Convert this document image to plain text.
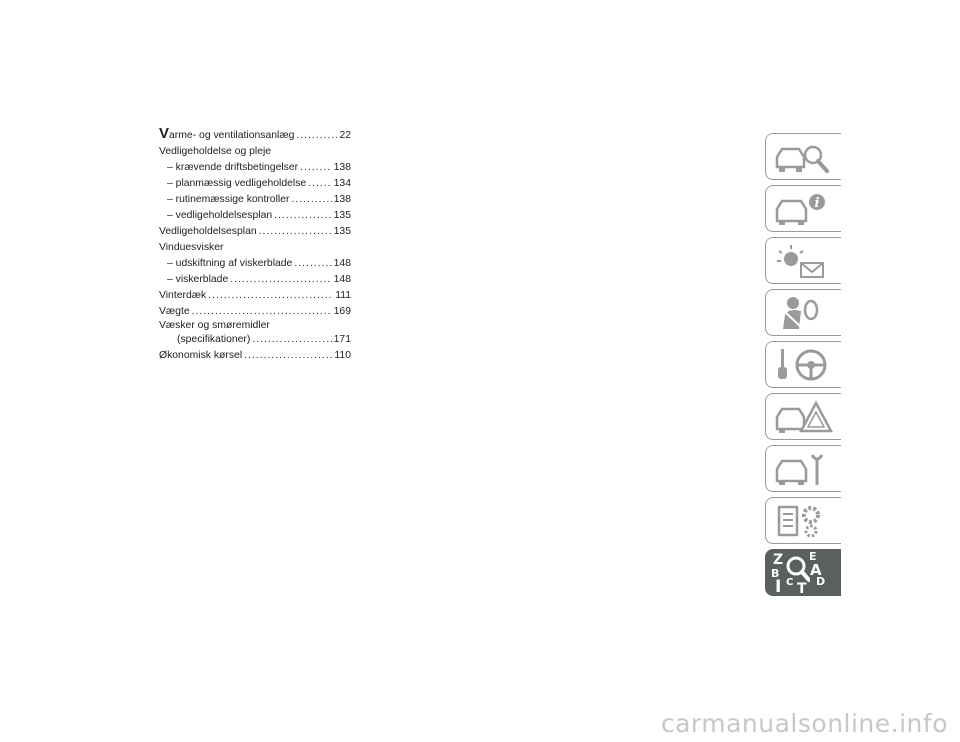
Varme- og ventilationsanlæg .....	22
Vedligeholdelse og pleje
– krævende driftsbetingelser .....	138
– planmæssig vedligeholdelse .....	134
– rutinemæssige kontroller .....	138
– vedligeholdelsesplan .....	135
Vedligeholdelsesplan .....	135
Vinduesvisker
– udskiftning af viskerblade .....	148
– viskerblade .....	148
Vinterdæk .....	111
Vægte .....	169
Væsker og smøremidler
(specifikationer) .....	171
Økonomisk kørsel .....	110
i
Z E
B A
D
I C T
carmanualsonline.info
